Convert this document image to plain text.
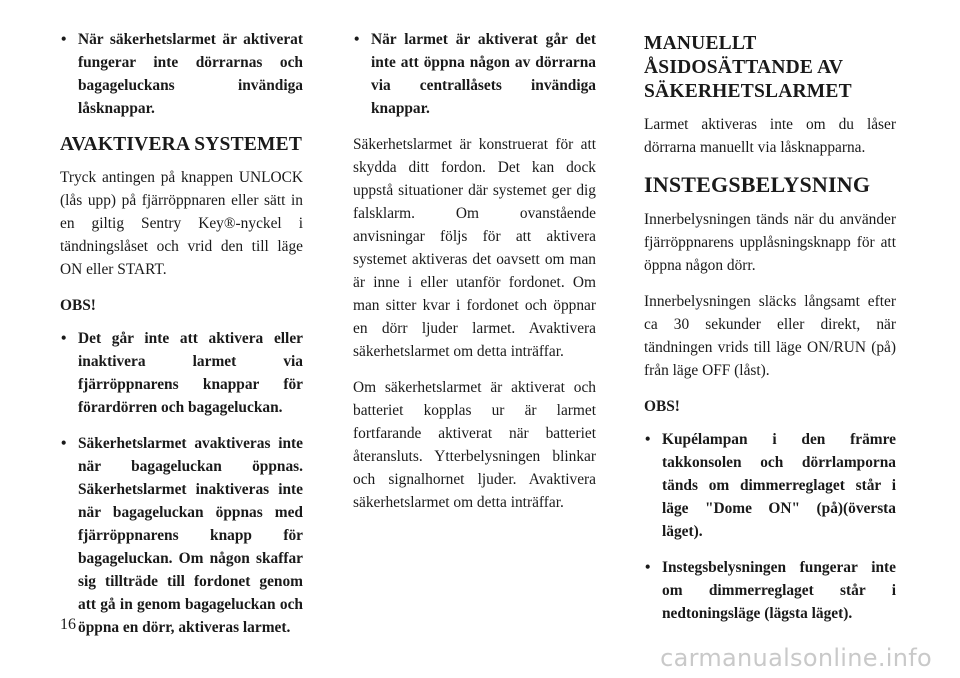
• När säkerhetslarmet är aktiverat fungerar inte dörrarnas och bagageluckans invändiga låsknappar.
AVAKTIVERA SYSTEMET

Tryck antingen på knappen UNLOCK (lås upp) på fjärröppnaren eller sätt in en giltig Sentry Key®-nyckel i tändningslåset och vrid den till läge ON eller START.

OBS!

• Det går inte att aktivera eller inaktivera larmet via fjärröppnarens knappar för förardörren och bagageluckan.
• Säkerhetslarmet avaktiveras inte när bagageluckan öppnas. Säkerhetslarmet inaktiveras inte när bagageluckan öppnas med fjärröppnarens knapp för bagageluckan. Om någon skaffar sig tillträde till fordonet genom att gå in genom bagageluckan och öppna en dörr, aktiveras larmet.
• När larmet är aktiverat går det inte att öppna någon av dörrarna via centrallåsets invändiga knappar.

Säkerhetslarmet är konstruerat för att skydda ditt fordon. Det kan dock uppstå situationer där systemet ger dig falsklarm. Om ovanstående anvisningar följs för att aktivera systemet aktiveras det oavsett om man är inne i eller utanför fordonet. Om man sitter kvar i fordonet och öppnar en dörr ljuder larmet. Avaktivera säkerhetslarmet om detta inträffar.

Om säkerhetslarmet är aktiverat och batteriet kopplas ur är larmet fortfarande aktiverat när batteriet återansluts. Ytterbelysningen blinkar och signalhornet ljuder. Avaktivera säkerhetslarmet om detta inträffar.

MANUELLT
ÅSIDOSÄTTANDE AV
SÄKERHETSLARMET

Larmet aktiveras inte om du låser dörrarna manuellt via låsknapparna.

INSTEGSBELYSNING

Innerbelysningen tänds när du använder fjärröppnarens upplåsningsknapp för att öppna någon dörr.

Innerbelysningen släcks långsamt efter ca 30 sekunder eller direkt, när tändningen vrids till läge ON/RUN (på) från läge OFF (låst).

OBS!

• Kupélampan i den främre takkonsolen och dörrlamporna tänds om dimmerreglaget står i läge "Dome ON" (på)(översta läget).
• Instegsbelysningen fungerar inte om dimmerreglaget står i nedtoningsläge (lägsta läget).
16
carmanualsonline.info
